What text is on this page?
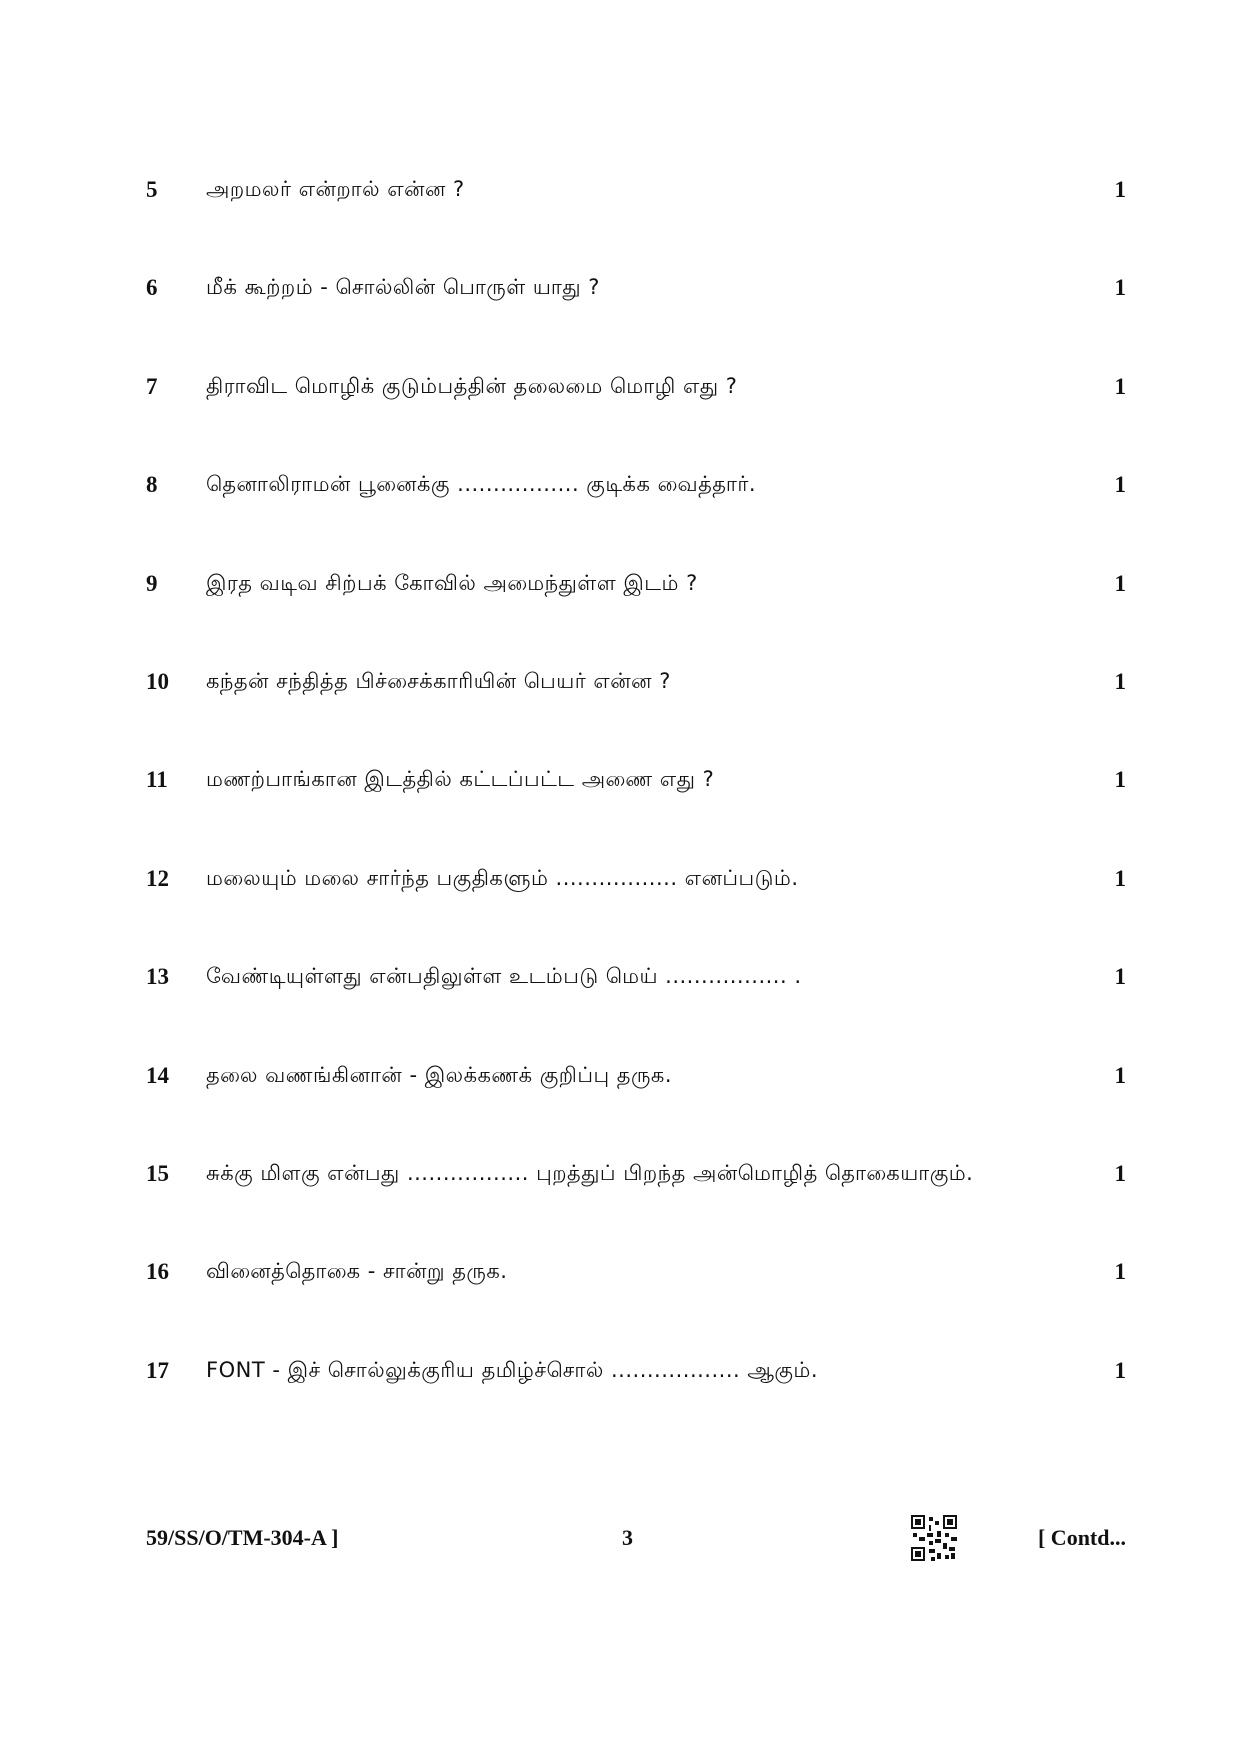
5	அறமலர் என்றால் என்ன ?	1
6	மீக் கூற்றம் - சொல்லின் பொருள் யாது ?	1
7	திராவிட மொழிக் குடும்பத்தின் தலைமை மொழி எது ?	1
8	தெனாலிராமன் பூனைக்கு ................. குடிக்க வைத்தார்.	1
9	இரத வடிவ சிற்பக் கோவில் அமைந்துள்ள இடம் ?	1
10	கந்தன் சந்தித்த பிச்சைக்காரியின் பெயர் என்ன ?	1
11	மணற்பாங்கான இடத்தில் கட்டப்பட்ட அணை எது ?	1
12	மலையும் மலை சார்ந்த பகுதிகளும் ................. எனப்படும்.	1
13	வேண்டியுள்ளது என்பதிலுள்ள உடம்படு மெய் ................. .	1
14	தலை வணங்கினான் - இலக்கணக் குறிப்பு தருக.	1
15	சுக்கு மிளகு என்பது ................. புறத்துப் பிறந்த அன்மொழித் தொகையாகும்.	1
16	வினைத்தொகை - சான்று தருக.	1
17	FONT - இச் சொல்லுக்குரிய தமிழ்ச்சொல் .................. ஆகும்.	1
59/SS/O/TM-304-A ]	3	[ Contd...
